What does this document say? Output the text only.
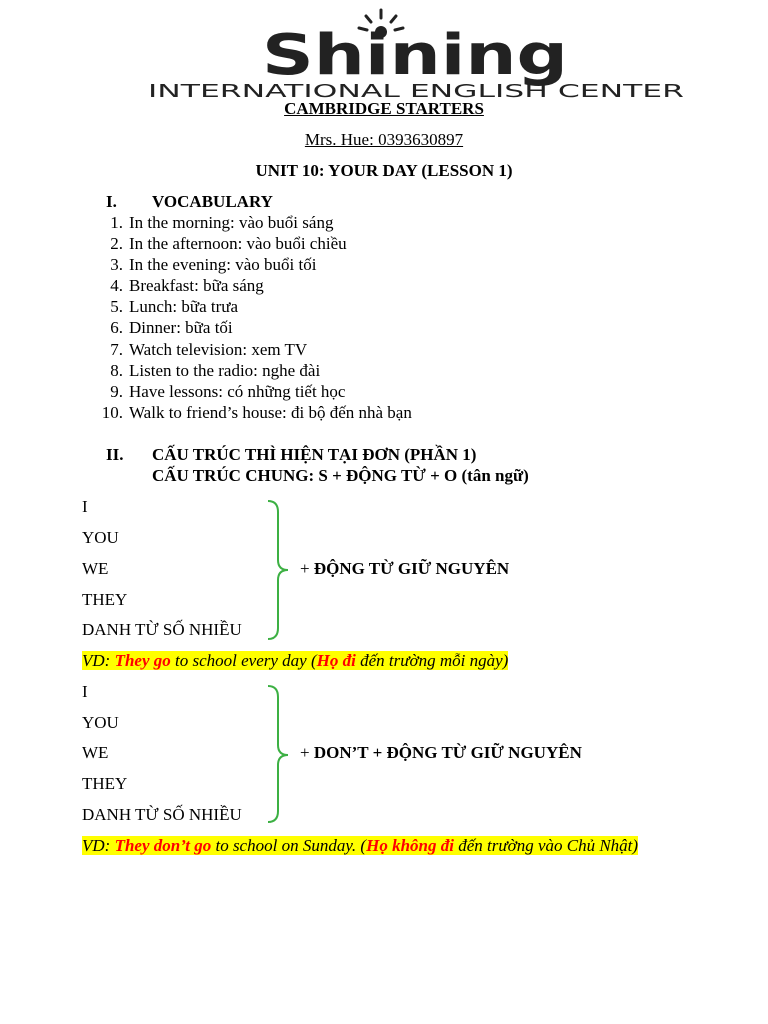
Shining
INTERNATIONAL ENGLISH CENTER
CAMBRIDGE STARTERS
Mrs. Hue: 0393630897
UNIT 10: YOUR DAY (LESSON 1)
I. VOCABULARY
1. In the morning: vào buổi sáng
2. In the afternoon: vào buổi chiều
3. In the evening: vào buổi tối
4. Breakfast: bữa sáng
5. Lunch: bữa trưa
6. Dinner: bữa tối
7. Watch television: xem TV
8. Listen to the radio: nghe đài
9. Have lessons: có những tiết học
10. Walk to friend’s house: đi bộ đến nhà bạn
II. CẤU TRÚC THÌ HIỆN TẠI ĐƠN (PHẦN 1)
CẤU TRÚC CHUNG: S + ĐỘNG TỪ + O (tân ngữ)
I
YOU
WE
THEY
DANH TỪ SỐ NHIỀU
+ ĐỘNG TỪ GIỮ NGUYÊN
VD: They go to school every day (Họ đi đến trường mỗi ngày)
I
YOU
WE
THEY
DANH TỪ SỐ NHIỀU
+ DON’T + ĐỘNG TỪ GIỮ NGUYÊN
VD: They don’t go to school on Sunday. (Họ không đi đến trường vào Chủ Nhật)
